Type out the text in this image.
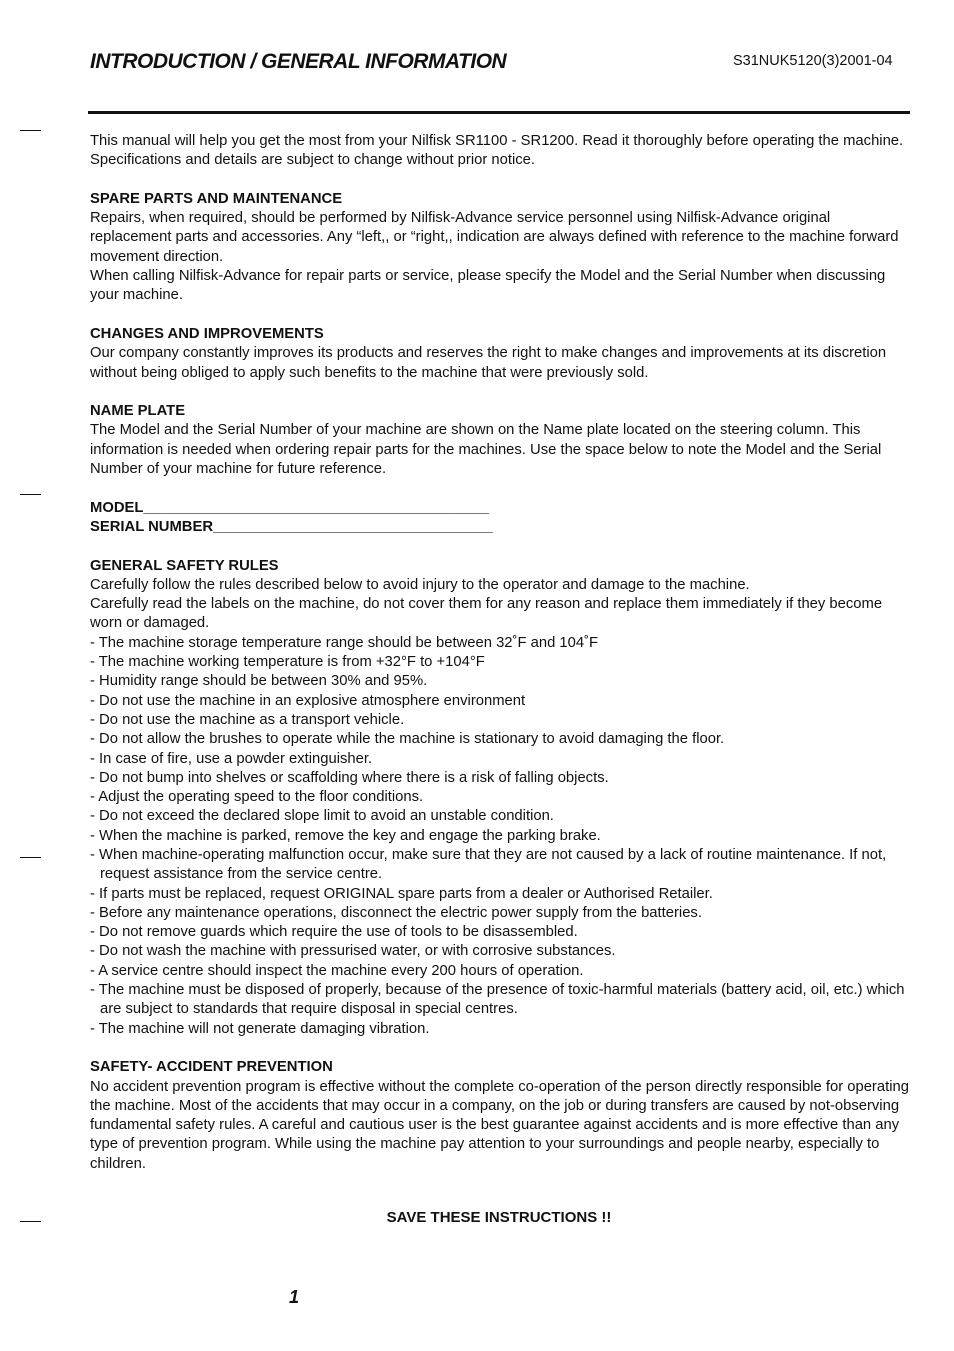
INTRODUCTION / GENERAL INFORMATION	S31NUK5120(3)2001-04

This manual will help you get the most from your Nilfisk SR1100 - SR1200. Read it thoroughly before operating the machine. Specifications and details are subject to change without prior notice.

SPARE PARTS AND MAINTENANCE

Repairs, when required, should be performed by Nilfisk-Advance service personnel using Nilfisk-Advance original replacement parts and accessories. Any “left,, or “right,, indication are always defined with reference to the machine forward movement direction.

When calling Nilfisk-Advance for repair parts or service, please specify the Model and the Serial Number when discussing your machine.

CHANGES AND IMPROVEMENTS

Our company constantly improves its products and reserves the right to make changes and improvements at its discretion without being obliged to apply such benefits to the machine that were previously sold.

NAME PLATE

The Model and the Serial Number of your machine are shown on the Name plate located on the steering column. This information is needed when ordering repair parts for the machines. Use the space below to note the Model and the Serial Number of your machine for future reference.

MODEL__________________________________________

SERIAL NUMBER__________________________________

GENERAL SAFETY RULES

Carefully follow the rules described below to avoid injury to the operator and damage to the machine.

Carefully read the labels on the machine, do not cover them for any reason and replace them immediately if they become worn or damaged.

- The machine storage temperature range should be between 32˚F and 104˚F

- The machine working temperature is from +32°F to +104°F

- Humidity range should be between 30% and 95%.

- Do not use the machine in an explosive atmosphere environment

- Do not use the machine as a transport vehicle.

- Do not allow the brushes to operate while the machine is stationary to avoid damaging the floor.

- In case of fire, use a powder extinguisher.

- Do not bump into shelves or scaffolding where there is a risk of falling objects.

- Adjust the operating speed to the floor conditions.

- Do not exceed the declared slope limit to avoid an unstable condition.

- When the machine is parked, remove the key and engage the parking brake.

- When machine-operating malfunction occur, make sure that they are not caused by a lack of routine maintenance. If not, request assistance from the service centre.

- If parts must be replaced, request ORIGINAL spare parts from a dealer or Authorised Retailer.

- Before any maintenance operations, disconnect the electric power supply from the batteries.

- Do not remove guards which require the use of tools to be disassembled.

- Do not wash the machine with pressurised water, or with corrosive substances.

- A service centre should inspect the machine every 200 hours of operation.

- The machine must be disposed of properly, because of the presence of toxic-harmful materials (battery acid, oil, etc.) which are subject to standards that require disposal in special centres.

- The machine will not generate damaging vibration.

SAFETY- ACCIDENT PREVENTION

No accident prevention program is effective without the complete co-operation of the person directly responsible for operating the machine. Most of the accidents that may occur in a company, on the job or during transfers are caused by not-observing fundamental safety rules. A careful and cautious user is the best guarantee against accidents and is more effective than any type of prevention program. While using the machine pay attention to your surroundings and people nearby, especially to children.

SAVE THESE INSTRUCTIONS !!
1
